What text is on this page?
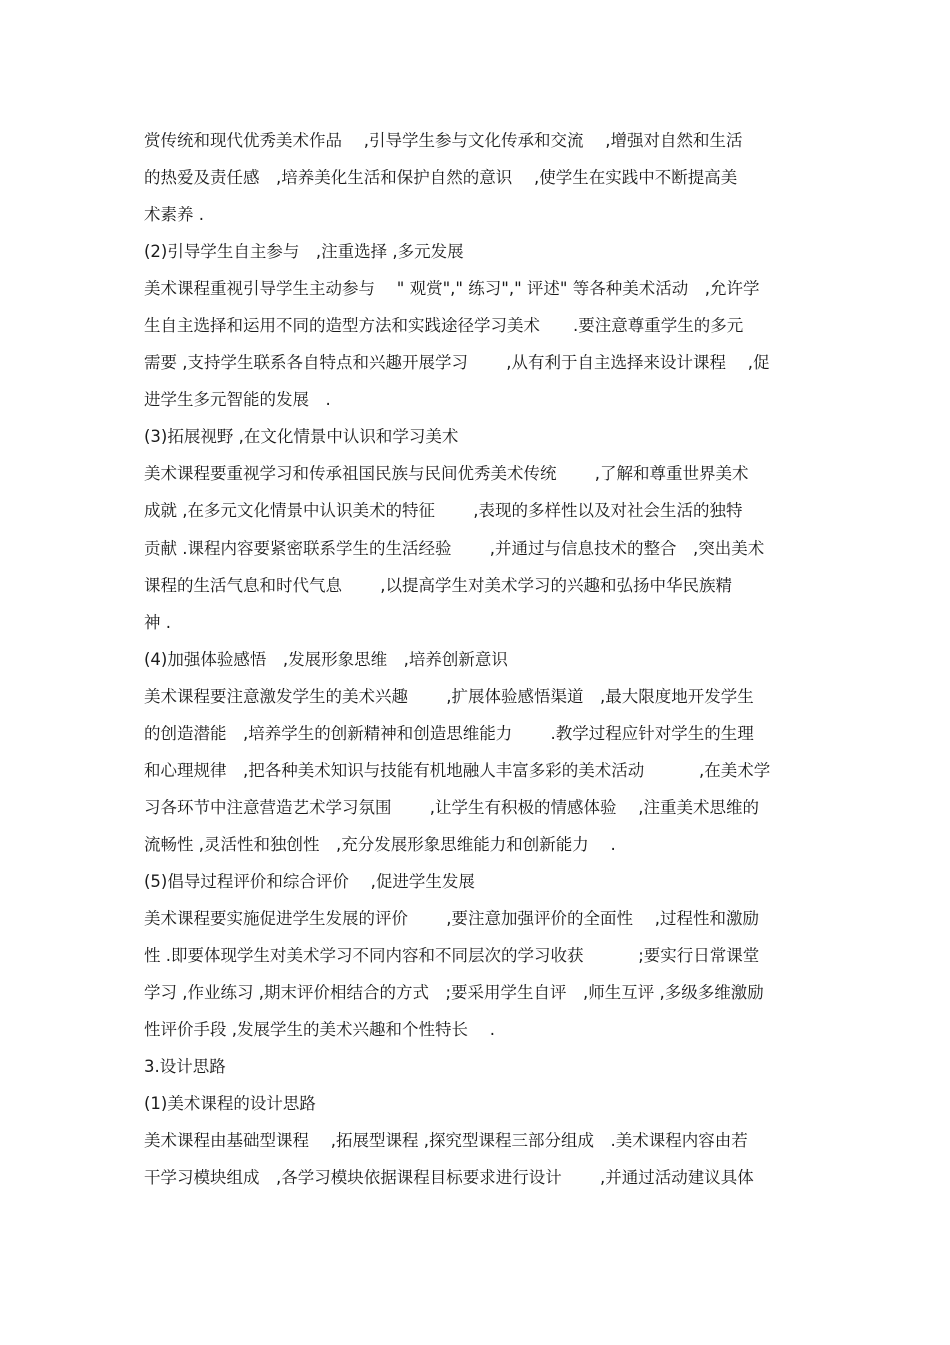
赏传统和现代优秀美术作品　 ,引导学生参与文化传承和交流　 ,增强对自然和生活
的热爱及责任感　,培养美化生活和保护自然的意识　 ,使学生在实践中不断提高美
术素养 .
(2)引导学生自主参与　,注重选择 ,多元发展
美术课程重视引导学生主动参与　 " 观赏"," 练习"," 评述" 等各种美术活动　,允许学
生自主选择和运用不同的造型方法和实践途径学习美术　　.要注意尊重学生的多元
需要 ,支持学生联系各自特点和兴趣开展学习　 　,从有利于自主选择来设计课程　 ,促
进学生多元智能的发展　.
(3)拓展视野 ,在文化情景中认识和学习美术
美术课程要重视学习和传承祖国民族与民间优秀美术传统　 　,了解和尊重世界美术
成就 ,在多元文化情景中认识美术的特征　 　,表现的多样性以及对社会生活的独特
贡献 .课程内容要紧密联系学生的生活经验　 　,并通过与信息技术的整合　,突出美术
课程的生活气息和时代气息　 　,以提高学生对美术学习的兴趣和弘扬中华民族精
神 .
(4)加强体验感悟　,发展形象思维　,培养创新意识
美术课程要注意激发学生的美术兴趣　 　,扩展体验感悟渠道　,最大限度地开发学生
的创造潜能　,培养学生的创新精神和创造思维能力　 　.教学过程应针对学生的生理
和心理规律　,把各种美术知识与技能有机地融人丰富多彩的美术活动　 　　,在美术学
习各环节中注意营造艺术学习氛围　 　,让学生有积极的情感体验　 ,注重美术思维的
流畅性 ,灵活性和独创性　,充分发展形象思维能力和创新能力　 .
(5)倡导过程评价和综合评价　 ,促进学生发展
美术课程要实施促进学生发展的评价　 　,要注意加强评价的全面性　 ,过程性和激励
性 .即要体现学生对美术学习不同内容和不同层次的学习收获　 　　;要实行日常课堂
学习 ,作业练习 ,期末评价相结合的方式　;要采用学生自评　,师生互评 ,多级多维激励
性评价手段 ,发展学生的美术兴趣和个性特长　 .
3.设计思路
(1)美术课程的设计思路
美术课程由基础型课程　 ,拓展型课程 ,探究型课程三部分组成　.美术课程内容由若
干学习模块组成　,各学习模块依据课程目标要求进行设计　 　,并通过活动建议具体
